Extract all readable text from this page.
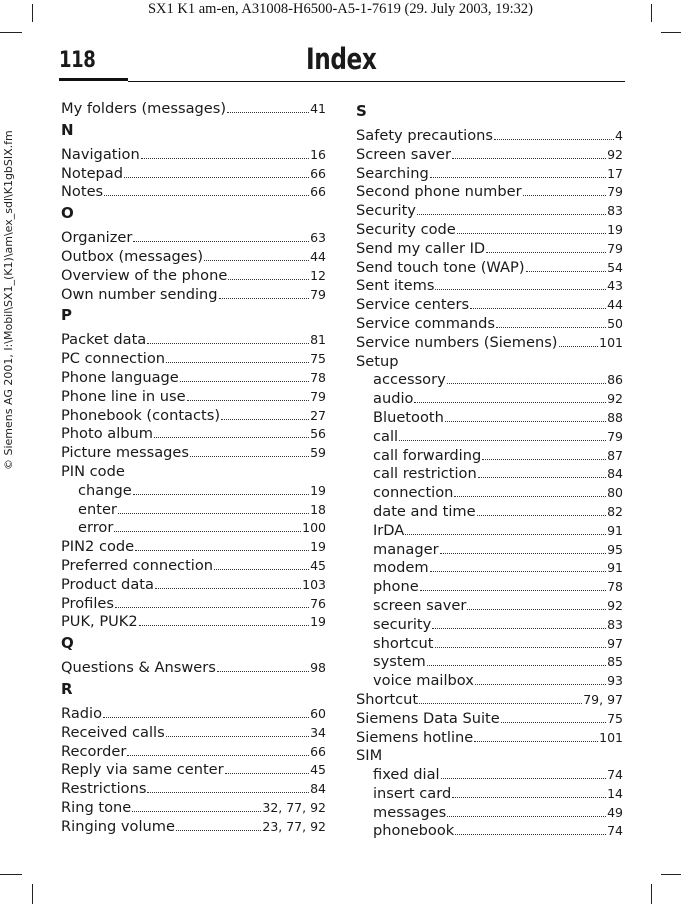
SX1 K1 am-en, A31008-H6500-A5-1-7619 (29. July 2003, 19:32)
© Siemens AG 2001, I:\Mobil\SX1_(K1)\am\ex_sdl\K1gbSIX.fm
118	Index
My folders (messages)	41
N
Navigation	16
Notepad	66
Notes	66
O
Organizer	63
Outbox (messages)	44
Overview of the phone	12
Own number sending	79
P
Packet data	81
PC connection	75
Phone language	78
Phone line in use	79
Phonebook (contacts)	27
Photo album	56
Picture messages	59
PIN code
change	19
enter	18
error	100
PIN2 code	19
Preferred connection	45
Product data	103
Profiles	76
PUK, PUK2	19
Q
Questions & Answers	98
R
Radio	60
Received calls	34
Recorder	66
Reply via same center	45
Restrictions	84
Ring tone	32, 77, 92
Ringing volume	23, 77, 92
S
Safety precautions	4
Screen saver	92
Searching	17
Second phone number	79
Security	83
Security code	19
Send my caller ID	79
Send touch tone (WAP)	54
Sent items	43
Service centers	44
Service commands	50
Service numbers (Siemens)	101
Setup
accessory	86
audio	92
Bluetooth	88
call	79
call forwarding	87
call restriction	84
connection	80
date and time	82
IrDA	91
manager	95
modem	91
phone	78
screen saver	92
security	83
shortcut	97
system	85
voice mailbox	93
Shortcut	79, 97
Siemens Data Suite	75
Siemens hotline	101
SIM
fixed dial	74
insert card	14
messages	49
phonebook	74
